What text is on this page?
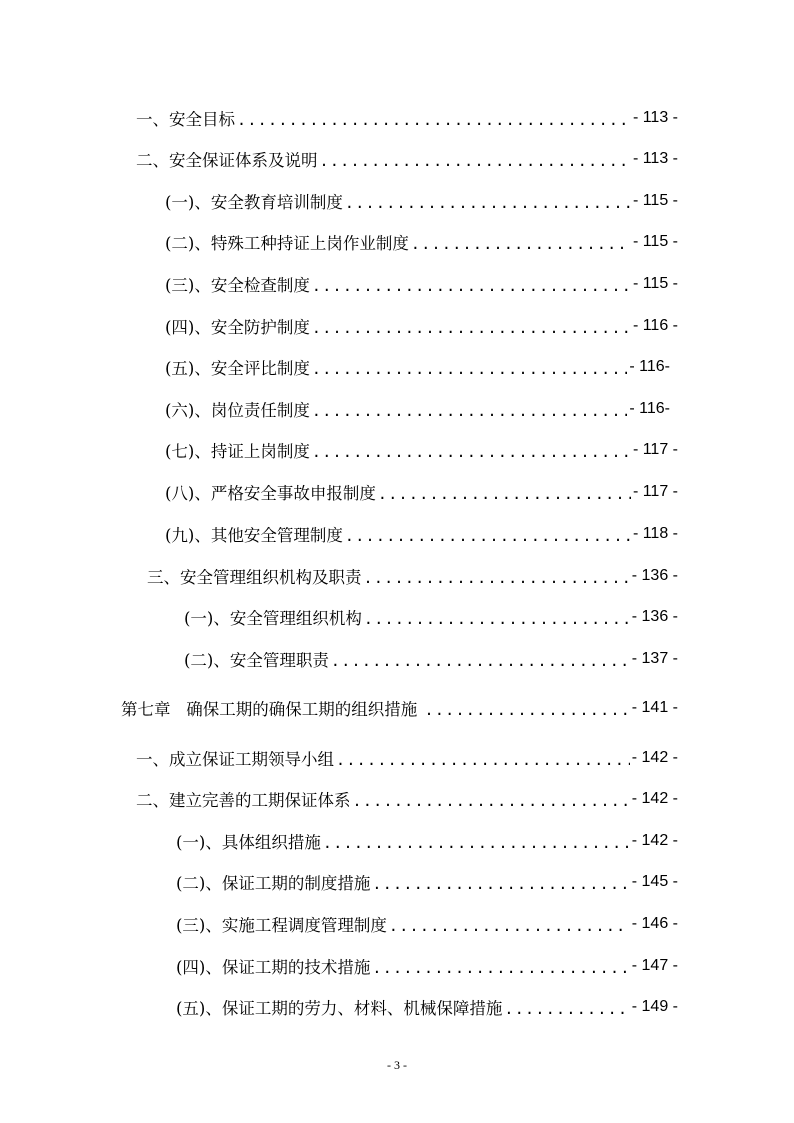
一、安全目标 .....	- 113 -
二、安全保证体系及说明 .....	- 113 -
(一)、安全教育培训制度 .....	- 115 -
(二)、特殊工种持证上岗作业制度 .....	- 115 -
(三)、安全检查制度 .....	- 115 -
(四)、安全防护制度 .....	- 116 -
(五)、安全评比制度 .....	- 116-
(六)、岗位责任制度 .....	- 116-
(七)、持证上岗制度 .....	- 117 -
(八)、严格安全事故申报制度 .....	- 117 -
(九)、其他安全管理制度 .....	- 118 -
三、安全管理组织机构及职责 .....	- 136 -
(一)、安全管理组织机构 .....	- 136 -
(二)、安全管理职责 .....	- 137 -
第七章   确保工期的确保工期的组织措施 .....	- 141 -
一、成立保证工期领导小组 .....	- 142 -
二、建立完善的工期保证体系 .....	- 142 -
(一)、具体组织措施 .....	- 142 -
(二)、保证工期的制度措施 .....	- 145 -
(三)、实施工程调度管理制度 .....	- 146 -
(四)、保证工期的技术措施 .....	- 147 -
(五)、保证工期的劳力、材料、机械保障措施 .....	- 149 -
- 3 -
